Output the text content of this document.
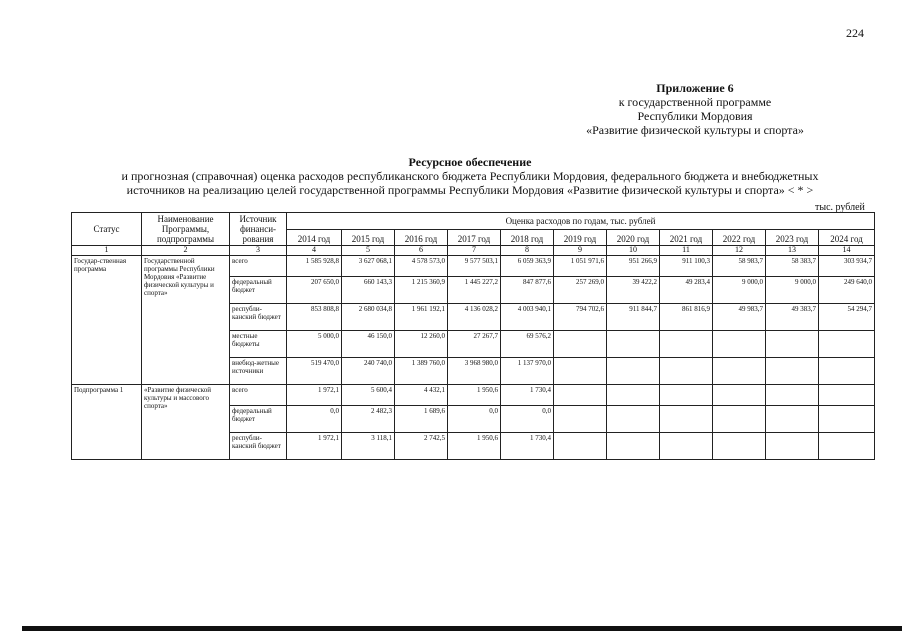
224
Приложение 6
к государственной программе
Республики Мордовия
«Развитие физической культуры и спорта»
Ресурсное обеспечение
и прогнозная (справочная) оценка расходов республиканского бюджета Республики Мордовия, федерального бюджета и внебюджетных
источников на реализацию целей государственной программы Республики Мордовия «Развитие физической культуры и спорта» < * >
тыс. рублей
Статус	Наименование Программы, подпрограммы	Источник финанси-рования	Оценка расходов по годам, тыс. рублей										
			2014 год	2015 год	2016 год	2017 год	2018 год	2019 год	2020 год	2021 год	2022 год	2023 год	2024 год
1	2	3	4	5	6	7	8	9	10	11	12	13	14
Государ-ственная программа	Государственной программы Республики Мордовия «Развитие физической культуры и спорта»	всего	1 585 928,8	3 627 068,1	4 578 573,0	9 577 503,1	6 059 363,9	1 051 971,6	951 266,9	911 100,3	58 983,7	58 383,7	303 934,7
		федеральный бюджет	207 650,0	660 143,3	1 215 360,9	1 445 227,2	847 877,6	257 269,0	39 422,2	49 283,4	9 000,0	9 000,0	249 640,0
		республи-канский бюджет	853 808,8	2 680 034,8	1 961 192,1	4 136 028,2	4 003 940,1	794 702,6	911 844,7	861 816,9	49 983,7	49 383,7	54 294,7
		местные бюджеты	5 000,0	46 150,0	12 260,0	27 267,7	69 576,2						
		внебюд-жетные источники	519 470,0	240 740,0	1 389 760,0	3 968 980,0	1 137 970,0						
Подпрограмма 1	«Развитие физической культуры и массового спорта»	всего	1 972,1	5 600,4	4 432,1	1 950,6	1 730,4						
		федеральный бюджет	0,0	2 482,3	1 689,6	0,0	0,0						
		республи-канский бюджет	1 972,1	3 118,1	2 742,5	1 950,6	1 730,4						
